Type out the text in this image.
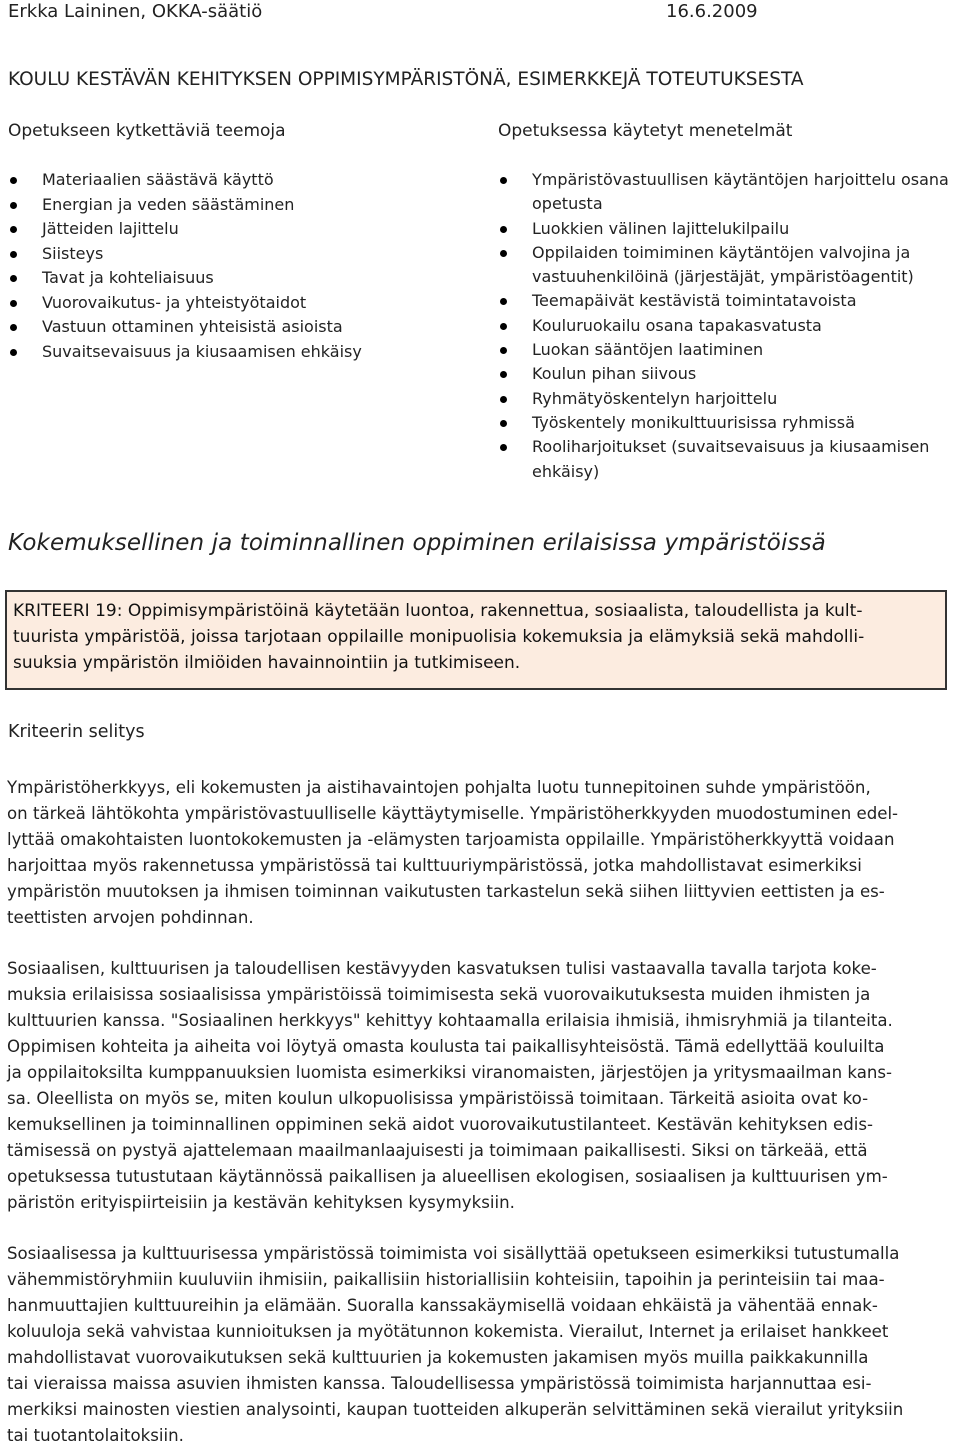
Erkka Laininen, OKKA-säätiö	16.6.2009
KOULU KESTÄVÄN KEHITYKSEN OPPIMISYMPÄRISTÖNÄ, ESIMERKKEJÄ TOTEUTUKSESTA
Opetukseen kytkettäviä teemoja	Opetuksessa käytetyt menetelmät
Materiaalien säästävä käyttö
Energian ja veden säästäminen
Jätteiden lajittelu
Siisteys
Tavat ja kohteliaisuus
Vuorovaikutus- ja yhteistyötaidot
Vastuun ottaminen yhteisistä asioista
Suvaitsevaisuus ja kiusaamisen ehkäisy
Ympäristövastuullisen käytäntöjen harjoittelu osana opetusta
Luokkien välinen lajittelukilpailu
Oppilaiden toimiminen käytäntöjen valvojina ja vastuuhenkilöinä (järjestäjät, ympäristöagentit)
Teemapäivät kestävistä toimintatavoista
Kouluruokailu osana tapakasvatusta
Luokan sääntöjen laatiminen
Koulun pihan siivous
Ryhmätyöskentelyn harjoittelu
Työskentely monikulttuurisissa ryhmissä
Rooliharjoitukset (suvaitsevaisuus ja kiusaamisen ehkäisy)
Kokemuksellinen ja toiminnallinen oppiminen erilaisissa ympäristöissä
KRITEERI 19: Oppimisympäristöinä käytetään luontoa, rakennettua, sosiaalista, taloudellista ja kult-
tuurista ympäristöä, joissa tarjotaan oppilaille monipuolisia kokemuksia ja elämyksiä sekä mahdolli-
suuksia ympäristön ilmiöiden havainnointiin ja tutkimiseen.
Kriteerin selitys
Ympäristöherkkyys, eli kokemusten ja aistihavaintojen pohjalta luotu tunnepitoinen suhde ympäristöön,
on tärkeä lähtökohta ympäristövastuulliselle käyttäytymiselle. Ympäristöherkkyyden muodostuminen edel-
lyttää omakohtaisten luontokokemusten ja -elämysten tarjoamista oppilaille. Ympäristöherkkyyttä voidaan
harjoittaa myös rakennetussa ympäristössä tai kulttuuriympäristössä, jotka mahdollistavat esimerkiksi
ympäristön muutoksen ja ihmisen toiminnan vaikutusten tarkastelun sekä siihen liittyvien eettisten ja es-
teettisten arvojen pohdinnan.
Sosiaalisen, kulttuurisen ja taloudellisen kestävyyden kasvatuksen tulisi vastaavalla tavalla tarjota koke-
muksia erilaisissa sosiaalisissa ympäristöissä toimimisesta sekä vuorovaikutuksesta muiden ihmisten ja
kulttuurien kanssa. "Sosiaalinen herkkyys" kehittyy kohtaamalla erilaisia ihmisiä, ihmisryhmiä ja tilanteita.
Oppimisen kohteita ja aiheita voi löytyä omasta koulusta tai paikallisyhteisöstä. Tämä edellyttää kouluilta
ja oppilaitoksilta kumppanuuksien luomista esimerkiksi viranomaisten, järjestöjen ja yritysmaailman kans-
sa. Oleellista on myös se, miten koulun ulkopuolisissa ympäristöissä toimitaan. Tärkeitä asioita ovat ko-
kemuksellinen ja toiminnallinen oppiminen sekä aidot vuorovaikutustilanteet. Kestävän kehityksen edis-
tämisessä on pystyä ajattelemaan maailmanlaajuisesti ja toimimaan paikallisesti. Siksi on tärkeää, että
opetuksessa tutustutaan käytännössä paikallisen ja alueellisen ekologisen, sosiaalisen ja kulttuurisen ym-
päristön erityispiirteisiin ja kestävän kehityksen kysymyksiin.
Sosiaalisessa ja kulttuurisessa ympäristössä toimimista voi sisällyttää opetukseen esimerkiksi tutustumalla
vähemmistöryhmiin kuuluviin ihmisiin, paikallisiin historiallisiin kohteisiin, tapoihin ja perinteisiin tai maa-
hanmuuttajien kulttuureihin ja elämään. Suoralla kanssakäymisellä voidaan ehkäistä ja vähentää ennak-
koluuloja sekä vahvistaa kunnioituksen ja myötätunnon kokemista. Vierailut, Internet ja erilaiset hankkeet
mahdollistavat vuorovaikutuksen sekä kulttuurien ja kokemusten jakamisen myös muilla paikkakunnilla
tai vieraissa maissa asuvien ihmisten kanssa. Taloudellisessa ympäristössä toimimista harjannuttaa esi-
merkiksi mainosten viestien analysointi, kaupan tuotteiden alkuperän selvittäminen sekä vierailut yrityksiin
tai tuotantolaitoksiin.
